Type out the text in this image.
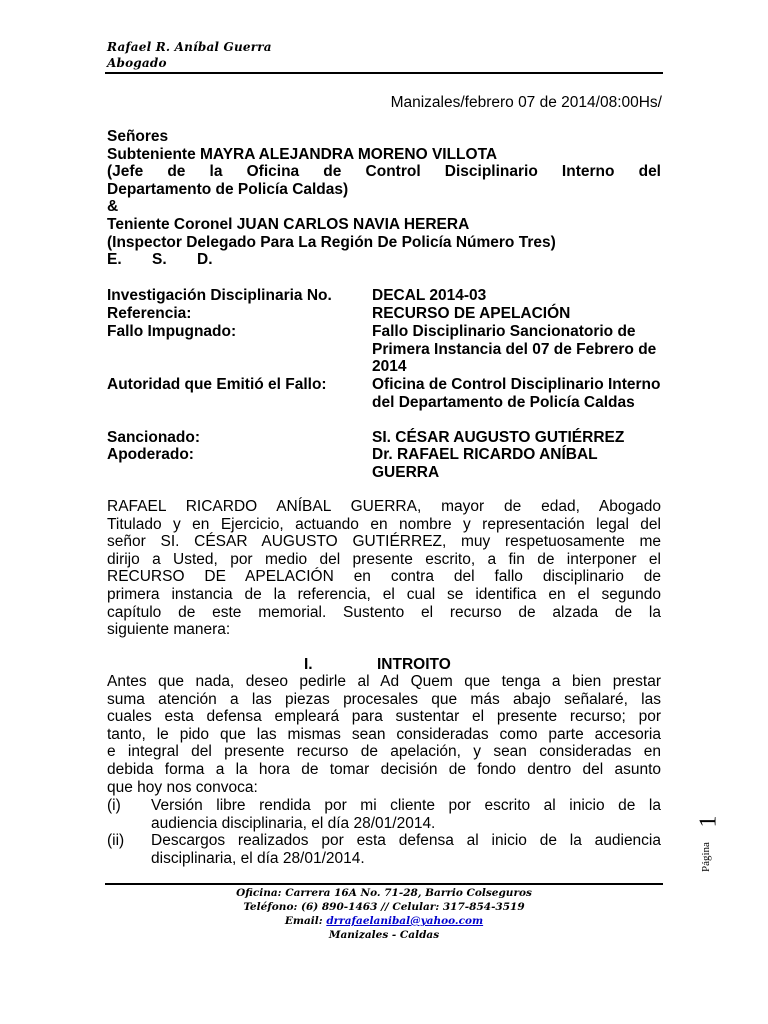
Rafael R. Aníbal Guerra
Abogado
Manizales/febrero 07 de 2014/08:00Hs/
Señores
Subteniente MAYRA ALEJANDRA MORENO VILLOTA
(Jefe de la Oficina de Control Disciplinario Interno del
Departamento de Policía Caldas)
&
Teniente Coronel JUAN CARLOS NAVIA HERERA
(Inspector Delegado Para La Región De Policía Número Tres)
E. S. D.
Investigación Disciplinaria No.	DECAL 2014-03
Referencia:	RECURSO DE APELACIÓN
Fallo Impugnado:	Fallo Disciplinario Sancionatorio de Primera Instancia del 07 de Febrero de 2014
Autoridad que Emitió el Fallo:	Oficina de Control Disciplinario Interno del Departamento de Policía Caldas
Sancionado:	SI. CÉSAR AUGUSTO GUTIÉRREZ
Apoderado:	Dr. RAFAEL RICARDO ANÍBAL GUERRA
RAFAEL RICARDO ANÍBAL GUERRA, mayor de edad, Abogado
Titulado y en Ejercicio, actuando en nombre y representación legal del
señor SI. CÉSAR AUGUSTO GUTIÉRREZ, muy respetuosamente me
dirijo a Usted, por medio del presente escrito, a fin de interponer el
RECURSO DE APELACIÓN en contra del fallo disciplinario de
primera instancia de la referencia, el cual se identifica en el segundo
capítulo de este memorial. Sustento el recurso de alzada de la
siguiente manera:
I.	INTROITO
Antes que nada, deseo pedirle al Ad Quem que tenga a bien prestar
suma atención a las piezas procesales que más abajo señalaré, las
cuales esta defensa empleará para sustentar el presente recurso; por
tanto, le pido que las mismas sean consideradas como parte accesoria
e integral del presente recurso de apelación, y sean consideradas en
debida forma a la hora de tomar decisión de fondo dentro del asunto
que hoy nos convoca:
(i) Versión libre rendida por mi cliente por escrito al inicio de la
audiencia disciplinaria, el día 28/01/2014.
(ii) Descargos realizados por esta defensa al inicio de la audiencia
disciplinaria, el día 28/01/2014.	Página
1
Oficina: Carrera 16A No. 71-28, Barrio Colseguros
Teléfono: (6) 890-1463 // Celular: 317-854-3519
Email: drrafaelanibal@yahoo.com
Manizales - Caldas
